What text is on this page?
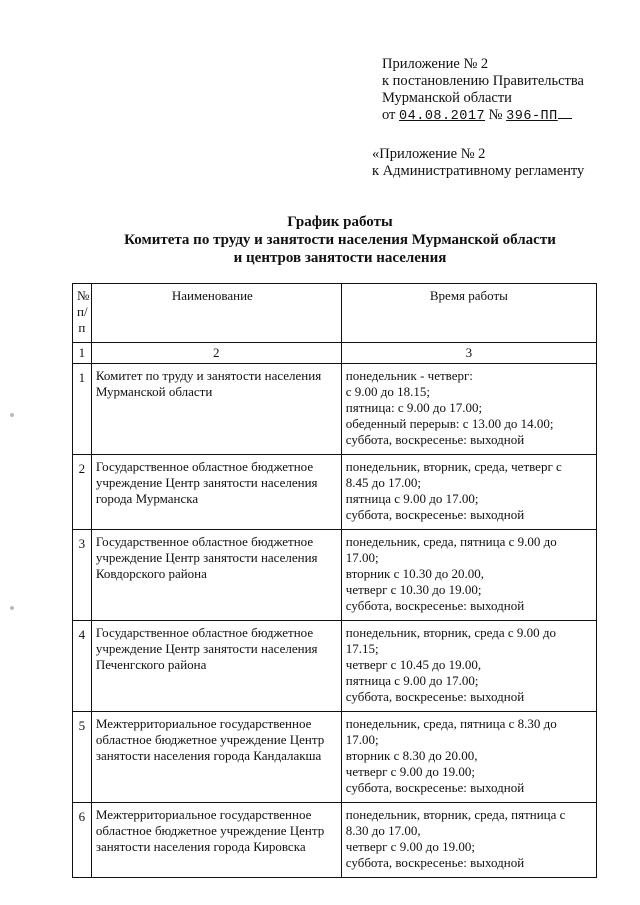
Приложение № 2
к постановлению Правительства
Мурманской области
от 04.08.2017 № 396-ПП
«Приложение № 2
к Административному регламенту
График работы
Комитета по труду и занятости населения Мурманской области
и центров занятости населения
№ п/п	Наименование	Время работы
1	2	3
1	Комитет по труду и занятости населения Мурманской области	понедельник - четверг:
с 9.00 до 18.15;
пятница: с 9.00 до 17.00;
обеденный перерыв: с 13.00 до 14.00;
суббота, воскресенье: выходной

2	Государственное областное бюджетное учреждение Центр занятости населения города Мурманска	понедельник, вторник, среда, четверг с
8.45 до 17.00;
пятница с 9.00 до 17.00;
суббота, воскресенье: выходной

3	Государственное областное бюджетное учреждение Центр занятости населения Ковдорского района	понедельник, среда, пятница с 9.00 до
17.00;
вторник с 10.30 до 20.00,
четверг с 10.30 до 19.00;
суббота, воскресенье: выходной

4	Государственное областное бюджетное учреждение Центр занятости населения Печенгского района	понедельник, вторник, среда с 9.00 до
17.15;
четверг с 10.45 до 19.00,
пятница с 9.00 до 17.00;
суббота, воскресенье: выходной

5	Межтерриториальное государственное областное бюджетное учреждение Центр занятости населения города Кандалакша	понедельник, среда, пятница с 8.30 до
17.00;
вторник с 8.30 до 20.00,
четверг с 9.00 до 19.00;
суббота, воскресенье: выходной

6	Межтерриториальное государственное областное бюджетное учреждение Центр занятости населения города Кировска	понедельник, вторник, среда, пятница с
8.30 до 17.00,
четверг с 9.00 до 19.00;
суббота, воскресенье: выходной
